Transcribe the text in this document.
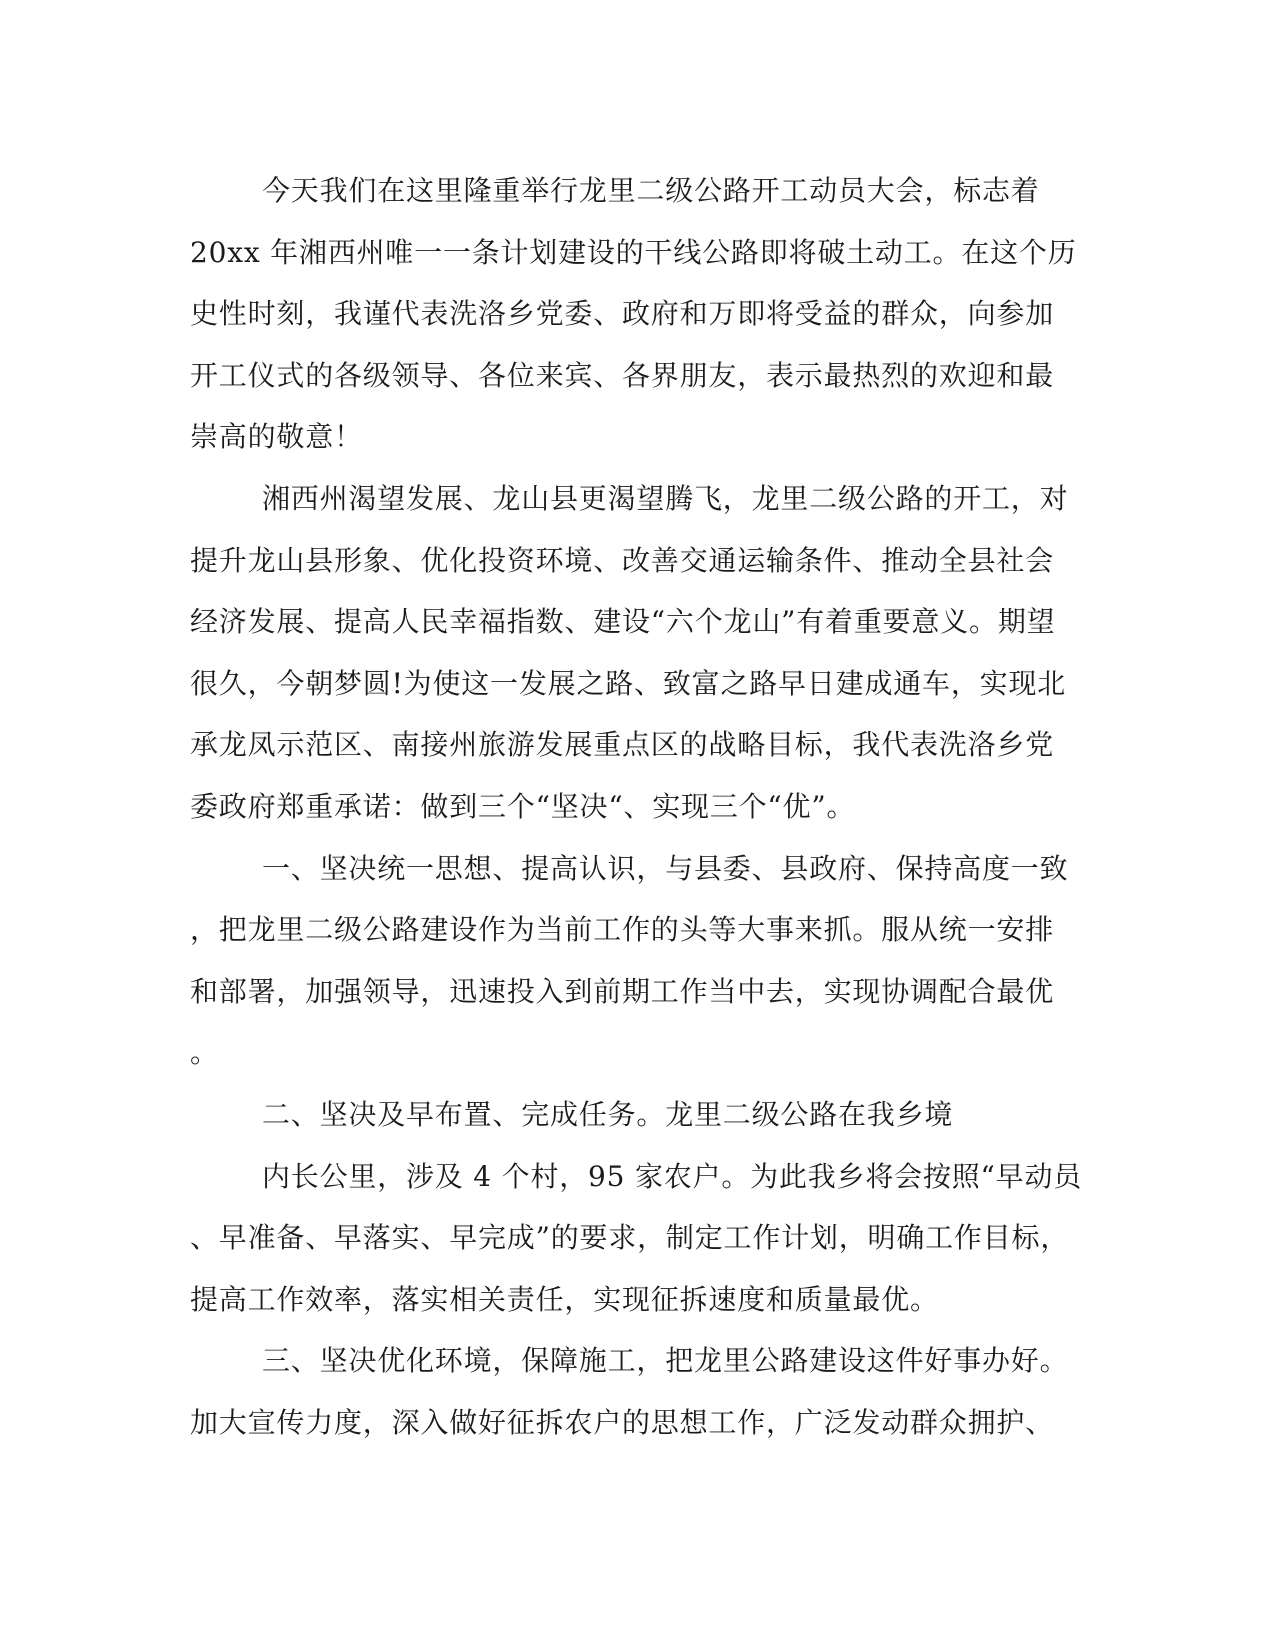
今天我们在这里隆重举行龙里二级公路开工动员大会，标志着
20xx 年湘西州唯一一条计划建设的干线公路即将破土动工。在这个历
史性时刻，我谨代表洗洛乡党委、政府和万即将受益的群众，向参加
开工仪式的各级领导、各位来宾、各界朋友，表示最热烈的欢迎和最
崇高的敬意！
湘西州渴望发展、龙山县更渴望腾飞，龙里二级公路的开工，对
提升龙山县形象、优化投资环境、改善交通运输条件、推动全县社会
经济发展、提高人民幸福指数、建设“六个龙山”有着重要意义。期望
很久，今朝梦圆!为使这一发展之路、致富之路早日建成通车，实现北
承龙凤示范区、南接州旅游发展重点区的战略目标，我代表洗洛乡党
委政府郑重承诺：做到三个“坚决“、实现三个“优”。
一、坚决统一思想、提高认识，与县委、县政府、保持高度一致
，把龙里二级公路建设作为当前工作的头等大事来抓。服从统一安排
和部署，加强领导，迅速投入到前期工作当中去，实现协调配合最优
。
二、坚决及早布置、完成任务。龙里二级公路在我乡境
内长公里，涉及 4 个村，95 家农户。为此我乡将会按照“早动员
、早准备、早落实、早完成”的要求，制定工作计划，明确工作目标，
提高工作效率，落实相关责任，实现征拆速度和质量最优。
三、坚决优化环境，保障施工，把龙里公路建设这件好事办好。
加大宣传力度，深入做好征拆农户的思想工作，广泛发动群众拥护、
